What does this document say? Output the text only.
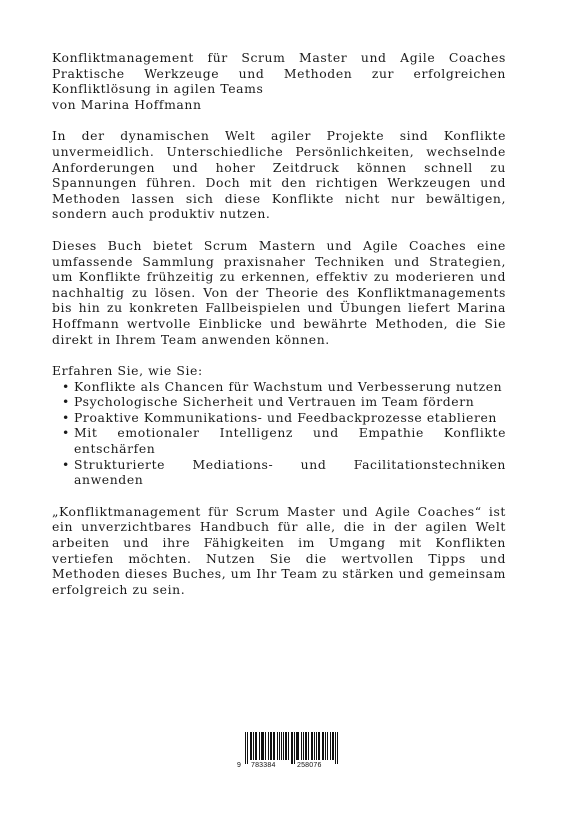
Konfliktmanagement für Scrum Master und Agile Coaches
Praktische Werkzeuge und Methoden zur erfolgreichen
Konfliktlösung in agilen Teams
von Marina Hoffmann

In der dynamischen Welt agiler Projekte sind Konflikte unvermeidlich. Unterschiedliche Persönlichkeiten, wechselnde Anforderungen und hoher Zeitdruck können schnell zu Spannungen führen. Doch mit den richtigen Werkzeugen und Methoden lassen sich diese Konflikte nicht nur bewältigen, sondern auch produktiv nutzen.

Dieses Buch bietet Scrum Mastern und Agile Coaches eine umfassende Sammlung praxisnaher Techniken und Strategien, um Konflikte frühzeitig zu erkennen, effektiv zu moderieren und nachhaltig zu lösen. Von der Theorie des Konfliktmanagements bis hin zu konkreten Fallbeispielen und Übungen liefert Marina Hoffmann wertvolle Einblicke und bewährte Methoden, die Sie direkt in Ihrem Team anwenden können.

Erfahren Sie, wie Sie:

• Konflikte als Chancen für Wachstum und Verbesserung nutzen
• Psychologische Sicherheit und Vertrauen im Team fördern
• Proaktive Kommunikations- und Feedbackprozesse etablieren
• Mit emotionaler Intelligenz und Empathie Konflikte entschärfen
• Strukturierte Mediations- und Facilitationstechniken anwenden

„Konfliktmanagement für Scrum Master und Agile Coaches“ ist ein unverzichtbares Handbuch für alle, die in der agilen Welt arbeiten und ihre Fähigkeiten im Umgang mit Konflikten vertiefen möchten. Nutzen Sie die wertvollen Tipps und Methoden dieses Buches, um Ihr Team zu stärken und gemeinsam erfolgreich zu sein.

9 783384	258076
